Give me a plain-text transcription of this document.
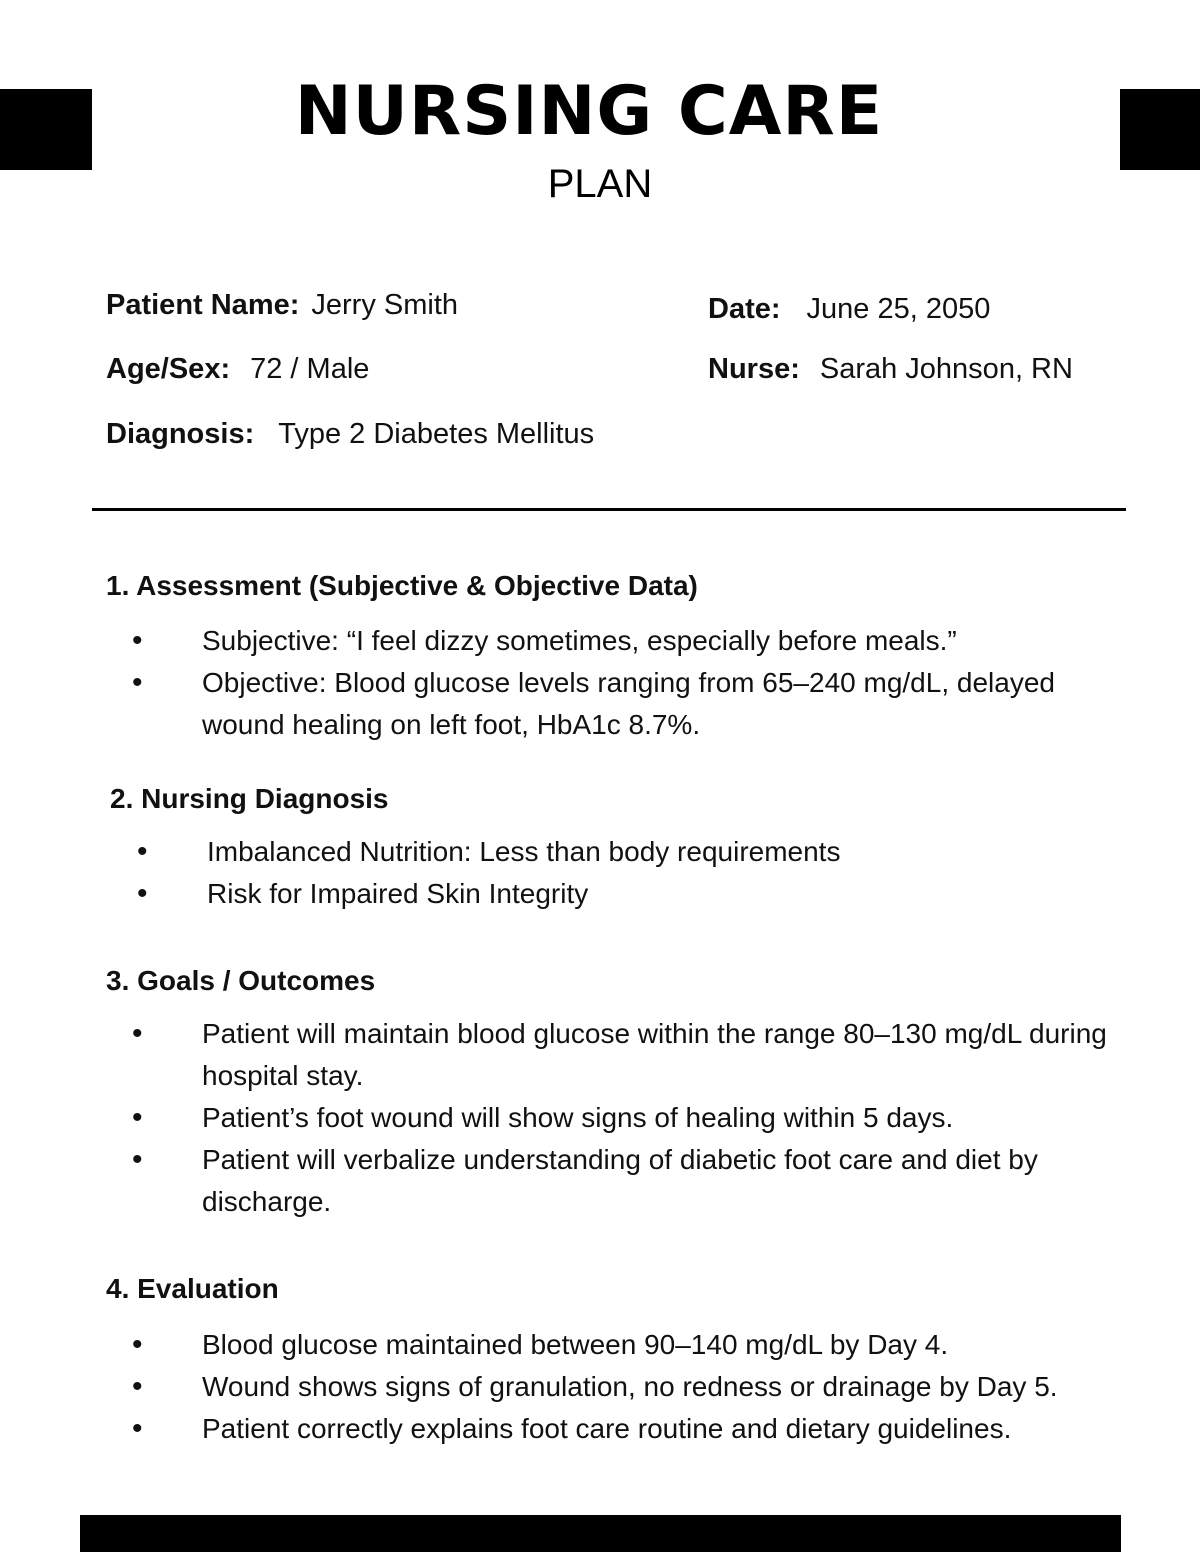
NURSING CARE
PLAN
Patient Name: Jerry Smith
Age/Sex: 72 / Male
Diagnosis: Type 2 Diabetes Mellitus
Date: June 25, 2050
Nurse: Sarah Johnson, RN
1. Assessment (Subjective & Objective Data)
• Subjective: “I feel dizzy sometimes, especially before meals.”
• Objective: Blood glucose levels ranging from 65–240 mg/dL, delayed wound healing on left foot, HbA1c 8.7%.
2. Nursing Diagnosis
• Imbalanced Nutrition: Less than body requirements
• Risk for Impaired Skin Integrity
3. Goals / Outcomes
• Patient will maintain blood glucose within the range 80–130 mg/dL during hospital stay.
• Patient’s foot wound will show signs of healing within 5 days.
• Patient will verbalize understanding of diabetic foot care and diet by discharge.
4. Evaluation
• Blood glucose maintained between 90–140 mg/dL by Day 4.
• Wound shows signs of granulation, no redness or drainage by Day 5.
• Patient correctly explains foot care routine and dietary guidelines.
